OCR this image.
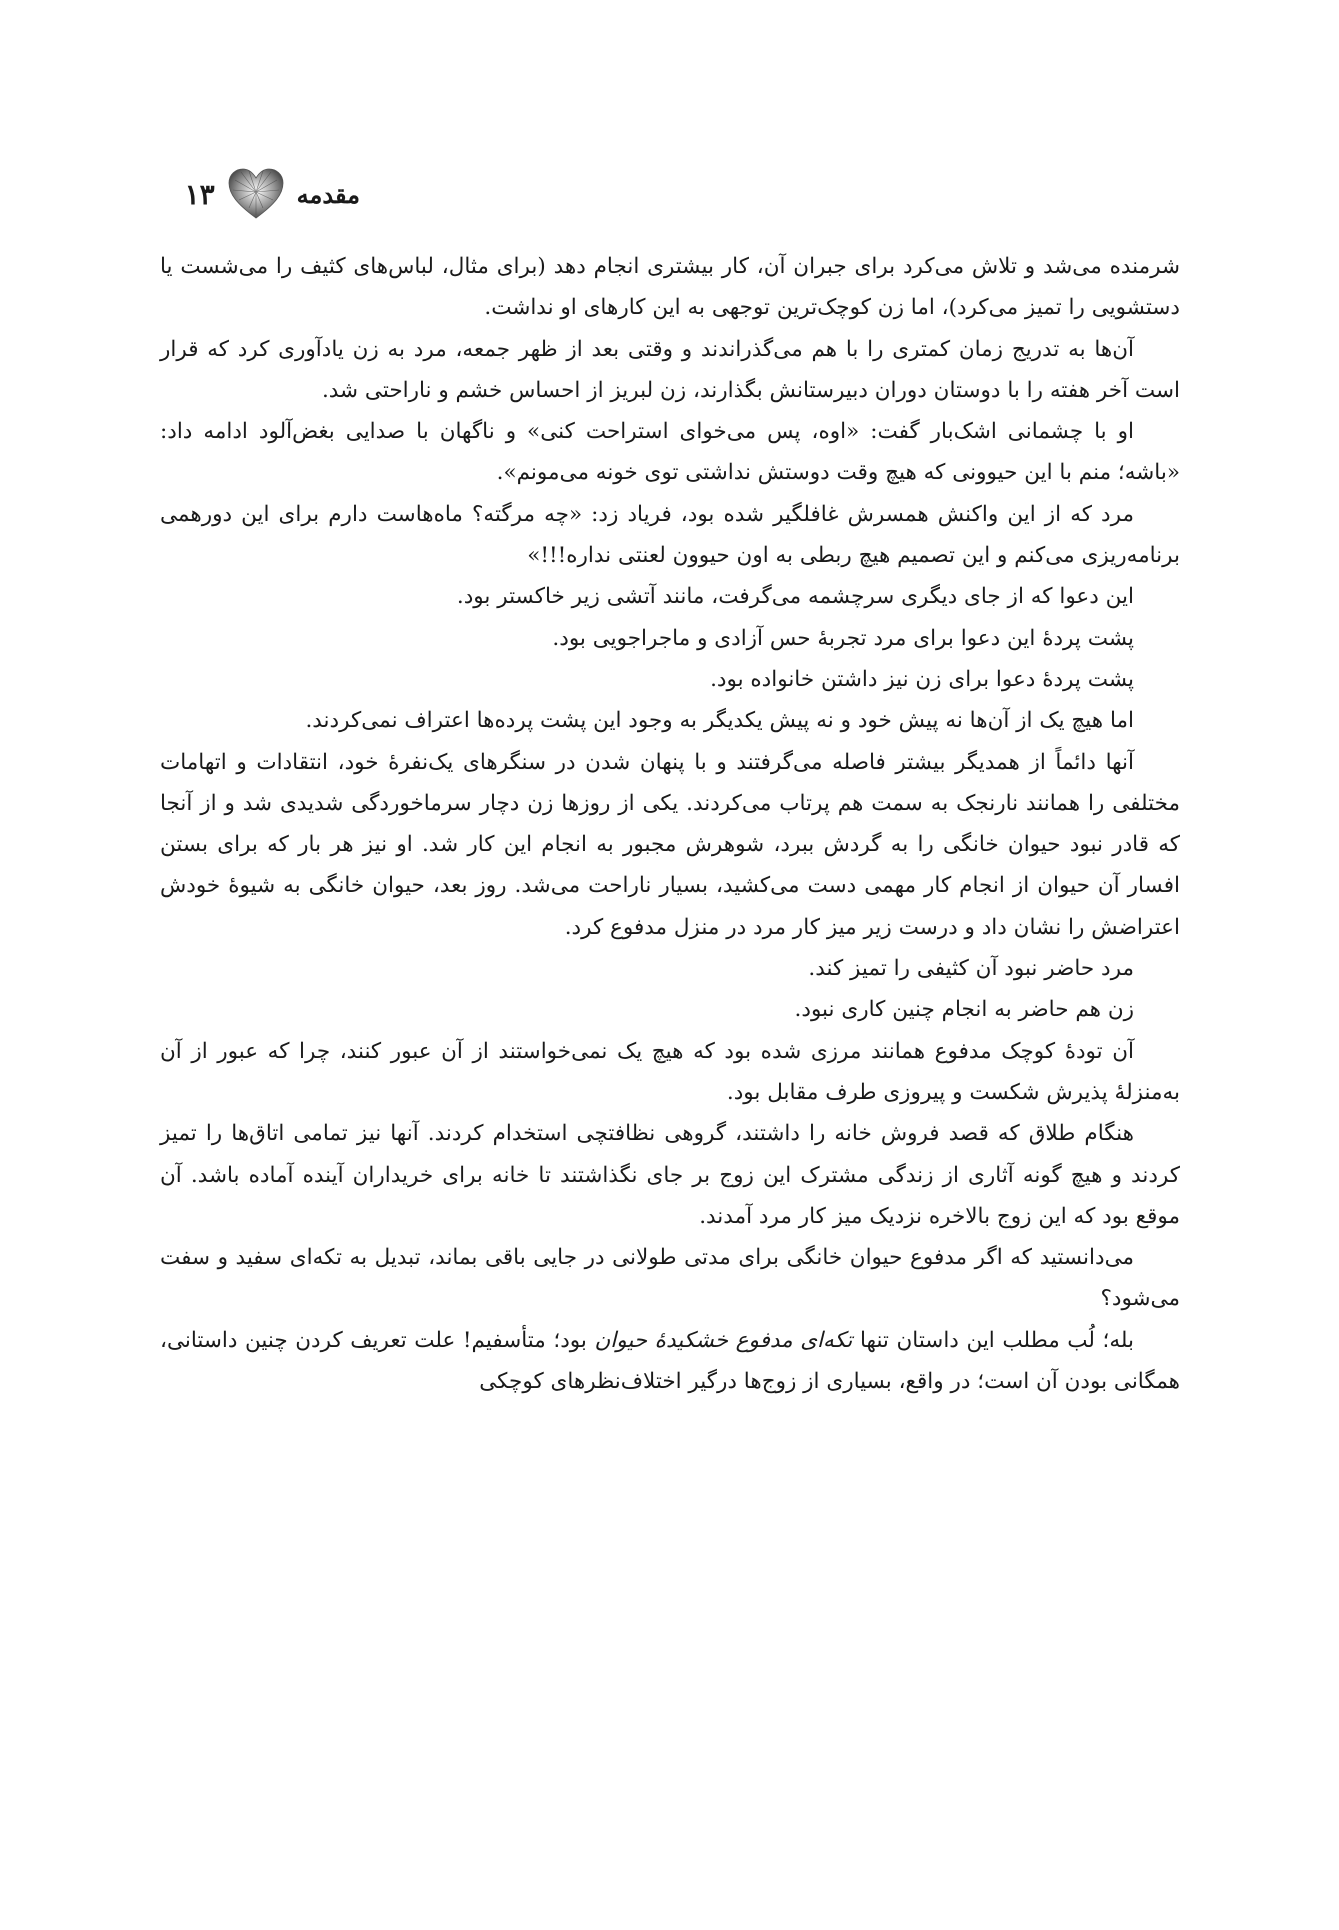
مقدمه
۱۳

شرمنده می‌شد و تلاش می‌کرد برای جبران آن، کار بیشتری انجام دهد (برای مثال، لباس‌های کثیف را می‌شست یا دستشویی را تمیز می‌کرد)، اما زن کوچک‌ترین توجهی به این کارهای او نداشت.

آن‌ها به تدریج زمان کمتری را با هم می‌گذراندند و وقتی بعد از ظهر جمعه، مرد به زن یادآوری کرد که قرار است آخر هفته را با دوستان دوران دبیرستانش بگذارند، زن لبریز از احساس خشم و ناراحتی شد.

او با چشمانی اشک‌بار گفت: «اوه، پس می‌خوای استراحت کنی» و ناگهان با صدایی بغض‌آلود ادامه داد: «باشه؛ منم با این حیوونی که هیچ وقت دوستش نداشتی توی خونه می‌مونم».

مرد که از این واکنش همسرش غافلگیر شده بود، فریاد زد: «چه مرگته؟ ماه‌هاست دارم برای این دورهمی برنامه‌ریزی می‌کنم و این تصمیم هیچ ربطی به اون حیوون لعنتی نداره!!!»

این دعوا که از جای دیگری سرچشمه می‌گرفت، مانند آتشی زیر خاکستر بود.

پشت پردهٔ این دعوا برای مرد تجربهٔ حس آزادی و ماجراجویی بود.

پشت پردهٔ دعوا برای زن نیز داشتن خانواده بود.

اما هیچ یک از آن‌ها نه پیش خود و نه پیش یکدیگر به وجود این پشت پرده‌ها اعتراف نمی‌کردند.

آنها دائماً از همدیگر بیشتر فاصله می‌گرفتند و با پنهان شدن در سنگرهای یک‌نفرهٔ خود، انتقادات و اتهامات مختلفی را همانند نارنجک به سمت هم پرتاب می‌کردند. یکی از روزها زن دچار سرماخوردگی شدیدی شد و از آنجا که قادر نبود حیوان خانگی را به گردش ببرد، شوهرش مجبور به انجام این کار شد. او نیز هر بار که برای بستن افسار آن حیوان از انجام کار مهمی دست می‌کشید، بسیار ناراحت می‌شد. روز بعد، حیوان خانگی به شیوهٔ خودش اعتراضش را نشان داد و درست زیر میز کار مرد در منزل مدفوع کرد.

مرد حاضر نبود آن کثیفی را تمیز کند.

زن هم حاضر به انجام چنین کاری نبود.

آن تودهٔ کوچک مدفوع همانند مرزی شده بود که هیچ یک نمی‌خواستند از آن عبور کنند، چرا که عبور از آن به‌منزلهٔ پذیرش شکست و پیروزی طرف مقابل بود.

هنگام طلاق که قصد فروش خانه را داشتند، گروهی نظافتچی استخدام کردند. آنها نیز تمامی اتاق‌ها را تمیز کردند و هیچ گونه آثاری از زندگی مشترک این زوج بر جای نگذاشتند تا خانه برای خریداران آینده آماده باشد. آن موقع بود که این زوج بالاخره نزدیک میز کار مرد آمدند.

می‌دانستید که اگر مدفوع حیوان خانگی برای مدتی طولانی در جایی باقی بماند، تبدیل به تکه‌ای سفید و سفت می‌شود؟

بله؛ لُب مطلب این داستان تنها تکه‌ای مدفوع خشکیدهٔ حیوان بود؛ متأسفیم! علت تعریف کردن چنین داستانی، همگانی بودن آن است؛ در واقع، بسیاری از زوج‌ها درگیر اختلاف‌نظرهای کوچکی
